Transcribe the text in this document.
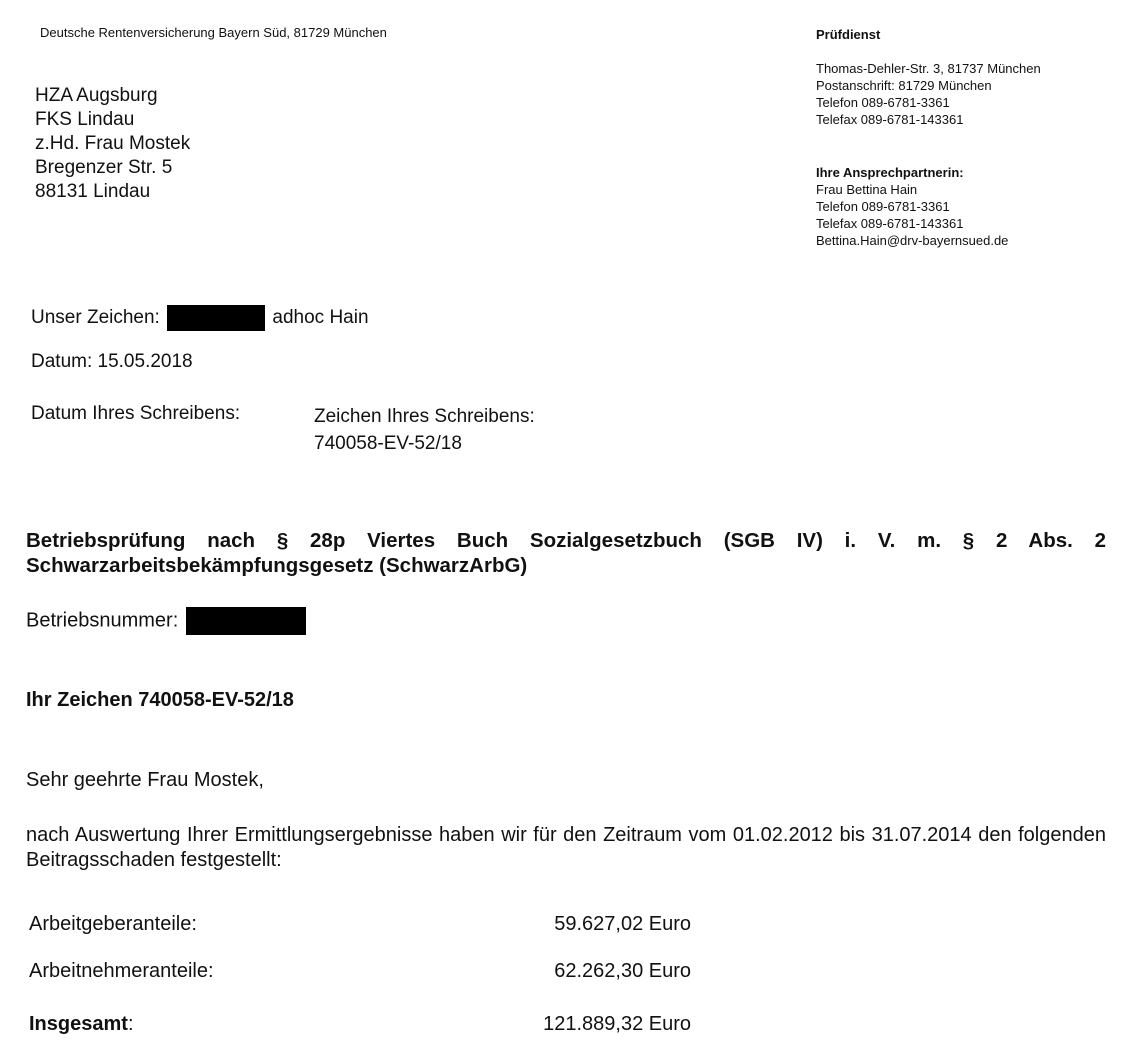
Deutsche Rentenversicherung Bayern Süd, 81729 München
HZA Augsburg
FKS Lindau
z.Hd. Frau Mostek
Bregenzer Str. 5
88131 Lindau
Prüfdienst
Thomas-Dehler-Str. 3, 81737 München
Postanschrift: 81729 München
Telefon 089-6781-3361
Telefax 089-6781-143361
Ihre Ansprechpartnerin:
Frau Bettina Hain
Telefon 089-6781-3361
Telefax 089-6781-143361
Bettina.Hain@drv-bayernsued.de
Unser Zeichen:	adhoc Hain
Datum: 15.05.2018
Datum Ihres Schreibens:	Zeichen Ihres Schreibens:
740058-EV-52/18
Betriebsprüfung nach § 28p Viertes Buch Sozialgesetzbuch (SGB IV) i. V. m. § 2 Abs. 2 Schwarzarbeitsbekämpfungsgesetz (SchwarzArbG)
Betriebsnummer:
Ihr Zeichen 740058-EV-52/18
Sehr geehrte Frau Mostek,
nach Auswertung Ihrer Ermittlungsergebnisse haben wir für den Zeitraum vom 01.02.2012 bis 31.07.2014 den folgenden Beitragsschaden festgestellt:
Arbeitgeberanteile:	59.627,02 Euro
Arbeitnehmeranteile:	62.262,30 Euro
Insgesamt:	121.889,32 Euro
